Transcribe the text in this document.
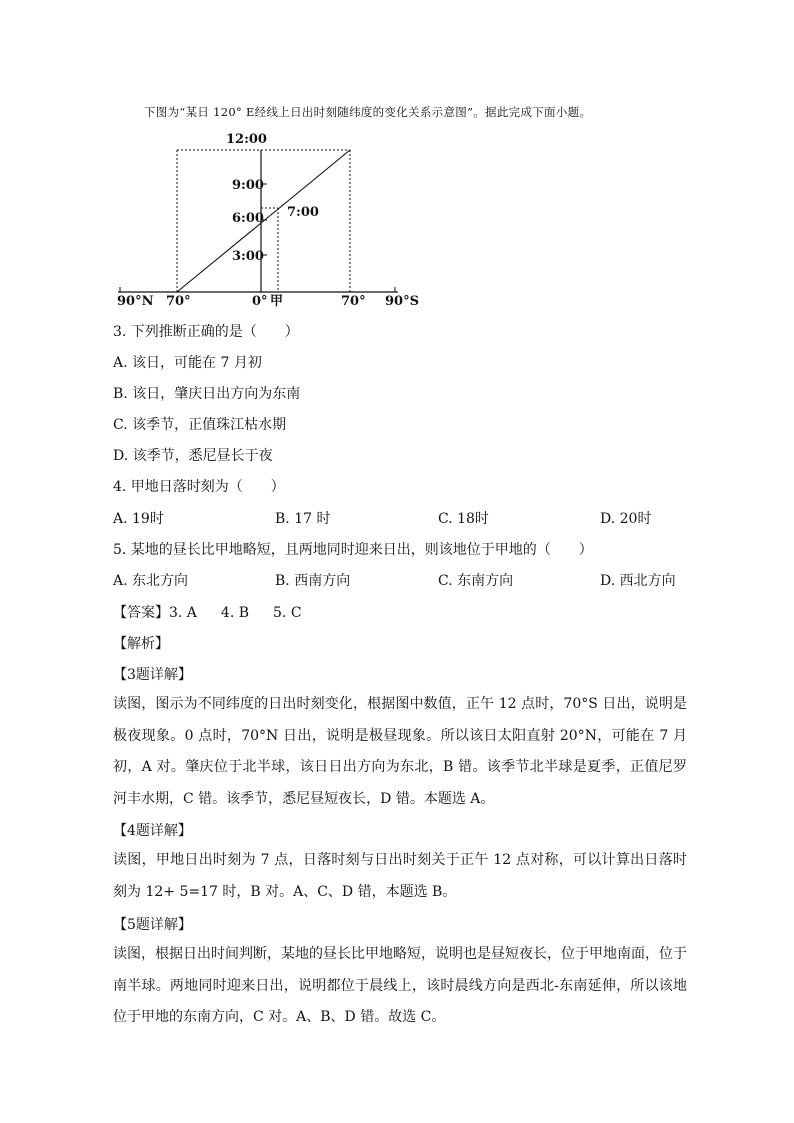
下图为“某日 120° E经线上日出时刻随纬度的变化关系示意图”。据此完成下面小题。
12:00
9:00
6:00
3:00
7:00
90°N 70°	0° 甲	70° 90°S
3. 下列推断正确的是（　　）
A. 该日，可能在 7 月初
B. 该日，肇庆日出方向为东南
C. 该季节，正值珠江枯水期
D. 该季节，悉尼昼长于夜
4. 甲地日落时刻为（　　）
A. 19时	B. 17 时	C. 18时	D. 20时
5. 某地的昼长比甲地略短，且两地同时迎来日出，则该地位于甲地的（　　）
A. 东北方向	B. 西南方向	C. 东南方向	D. 西北方向
【答案】3. A 4. B 5. C
【解析】
【3题详解】
读图，图示为不同纬度的日出时刻变化，根据图中数值，正午 12 点时，70°S 日出，说明是极夜现象。0 点时，70°N 日出，说明是极昼现象。所以该日太阳直射 20°N，可能在 7 月初，A 对。肇庆位于北半球，该日日出方向为东北，B 错。该季节北半球是夏季，正值尼罗河丰水期，C 错。该季节，悉尼昼短夜长，D 错。本题选 A。
【4题详解】
读图，甲地日出时刻为 7 点，日落时刻与日出时刻关于正午 12 点对称，可以计算出日落时刻为 12+ 5=17 时，B 对。A、C、D 错，本题选 B。
【5题详解】
读图，根据日出时间判断，某地的昼长比甲地略短，说明也是昼短夜长，位于甲地南面，位于南半球。两地同时迎来日出，说明都位于晨线上，该时晨线方向是西北-东南延伸，所以该地位于甲地的东南方向，C 对。A、B、D 错。故选 C。
